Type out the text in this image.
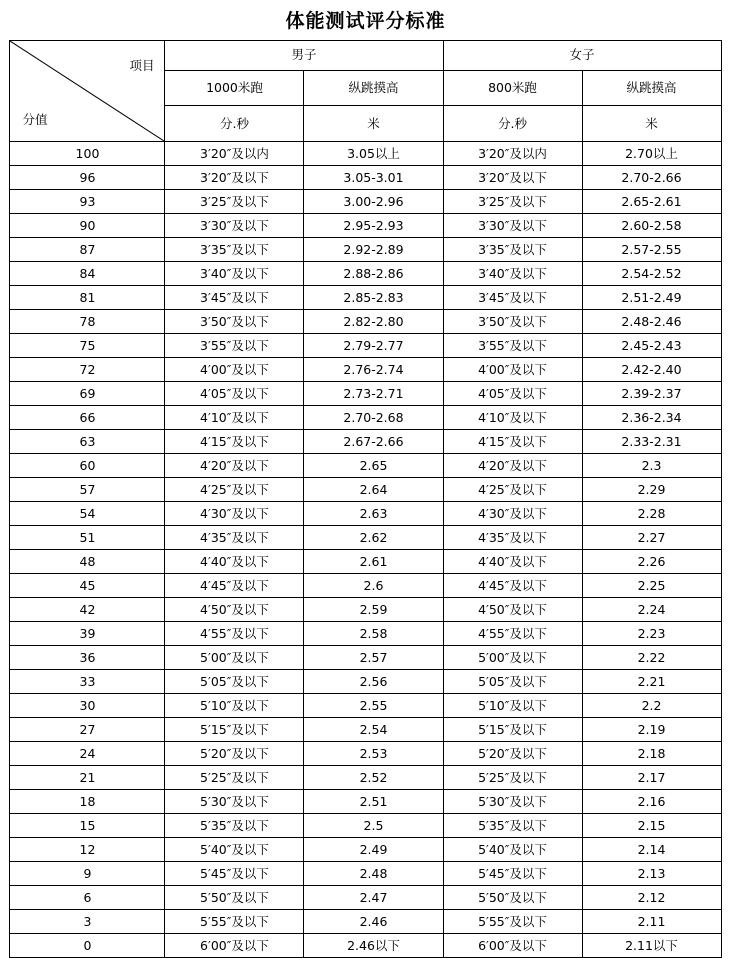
体能测试评分标准
项目
分值	男子		女子	
	1000米跑	纵跳摸高	800米跑	纵跳摸高
	分.秒	米	分.秒	米
100	3′20″及以内	3.05以上	3′20″及以内	2.70以上
96	3′20″及以下	3.05-3.01	3′20″及以下	2.70-2.66
93	3′25″及以下	3.00-2.96	3′25″及以下	2.65-2.61
90	3′30″及以下	2.95-2.93	3′30″及以下	2.60-2.58
87	3′35″及以下	2.92-2.89	3′35″及以下	2.57-2.55
84	3′40″及以下	2.88-2.86	3′40″及以下	2.54-2.52
81	3′45″及以下	2.85-2.83	3′45″及以下	2.51-2.49
78	3′50″及以下	2.82-2.80	3′50″及以下	2.48-2.46
75	3′55″及以下	2.79-2.77	3′55″及以下	2.45-2.43
72	4′00″及以下	2.76-2.74	4′00″及以下	2.42-2.40
69	4′05″及以下	2.73-2.71	4′05″及以下	2.39-2.37
66	4′10″及以下	2.70-2.68	4′10″及以下	2.36-2.34
63	4′15″及以下	2.67-2.66	4′15″及以下	2.33-2.31
60	4′20″及以下	2.65	4′20″及以下	2.3
57	4′25″及以下	2.64	4′25″及以下	2.29
54	4′30″及以下	2.63	4′30″及以下	2.28
51	4′35″及以下	2.62	4′35″及以下	2.27
48	4′40″及以下	2.61	4′40″及以下	2.26
45	4′45″及以下	2.6	4′45″及以下	2.25
42	4′50″及以下	2.59	4′50″及以下	2.24
39	4′55″及以下	2.58	4′55″及以下	2.23
36	5′00″及以下	2.57	5′00″及以下	2.22
33	5′05″及以下	2.56	5′05″及以下	2.21
30	5′10″及以下	2.55	5′10″及以下	2.2
27	5′15″及以下	2.54	5′15″及以下	2.19
24	5′20″及以下	2.53	5′20″及以下	2.18
21	5′25″及以下	2.52	5′25″及以下	2.17
18	5′30″及以下	2.51	5′30″及以下	2.16
15	5′35″及以下	2.5	5′35″及以下	2.15
12	5′40″及以下	2.49	5′40″及以下	2.14
9	5′45″及以下	2.48	5′45″及以下	2.13
6	5′50″及以下	2.47	5′50″及以下	2.12
3	5′55″及以下	2.46	5′55″及以下	2.11
0	6′00″及以下	2.46以下	6′00″及以下	2.11以下
